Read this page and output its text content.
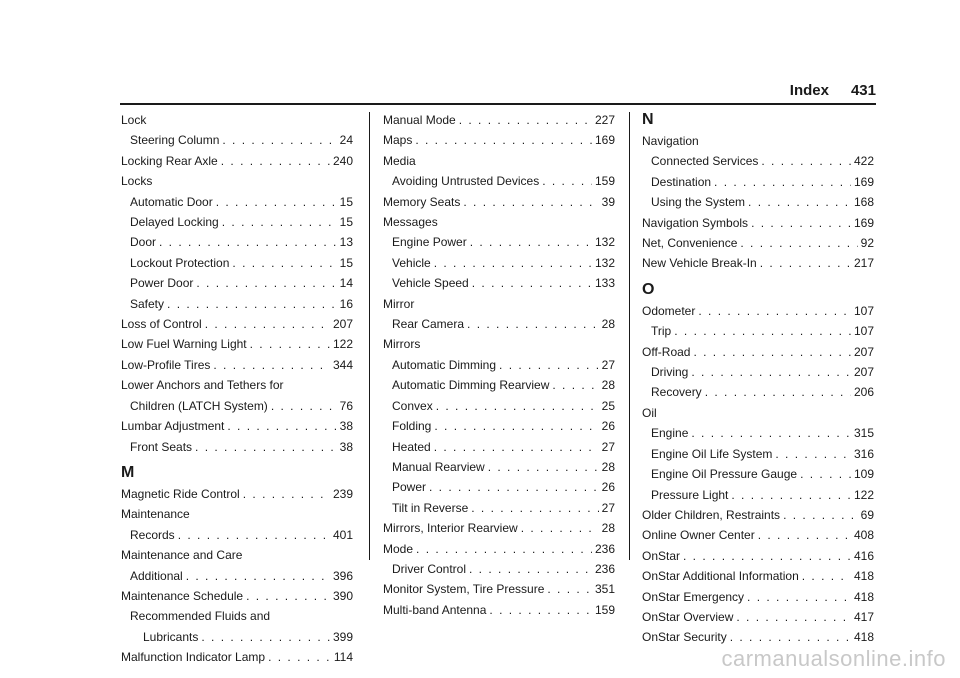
Index 431
Lock
Steering Column . . .	24
Locking Rear Axle . . .	240
Locks
Automatic Door . . .	15
Delayed Locking . . .	15
Door . . .	13
Lockout Protection . . .	15
Power Door . . .	14
Safety . . .	16
Loss of Control . . .	207
Low Fuel Warning Light . . .	122
Low-Profile Tires . . .	344
Lower Anchors and Tethers for
Children (LATCH System) . . .	76
Lumbar Adjustment . . .	38
Front Seats . . .	38
M
Magnetic Ride Control . . .	239
Maintenance
Records . . .	401
Maintenance and Care
Additional . . .	396
Maintenance Schedule . . .	390
Recommended Fluids and
Lubricants . . .	399
Malfunction Indicator Lamp . . .	114
Manual Mode . . .	227
Maps . . .	169
Media
Avoiding Untrusted Devices . . .	159
Memory Seats . . .	39
Messages
Engine Power . . .	132
Vehicle . . .	132
Vehicle Speed . . .	133
Mirror
Rear Camera . . .	28
Mirrors
Automatic Dimming . . .	27
Automatic Dimming Rearview . . .	28
Convex . . .	25
Folding . . .	26
Heated . . .	27
Manual Rearview . . .	28
Power . . .	26
Tilt in Reverse . . .	27
Mirrors, Interior Rearview . . .	28
Mode . . .	236
Driver Control . . .	236
Monitor System, Tire Pressure . . .	351
Multi-band Antenna . . .	159
N
Navigation
Connected Services . . .	422
Destination . . .	169
Using the System . . .	168
Navigation Symbols . . .	169
Net, Convenience . . .	92
New Vehicle Break-In . . .	217
O
Odometer . . .	107
Trip . . .	107
Off-Road . . .	207
Driving . . .	207
Recovery . . .	206
Oil
Engine . . .	315
Engine Oil Life System . . .	316
Engine Oil Pressure Gauge . . .	109
Pressure Light . . .	122
Older Children, Restraints . . .	69
Online Owner Center . . .	408
OnStar . . .	416
OnStar Additional Information . . .	418
OnStar Emergency . . .	418
OnStar Overview . . .	417
OnStar Security . . .	418
carmanualsonline.info
